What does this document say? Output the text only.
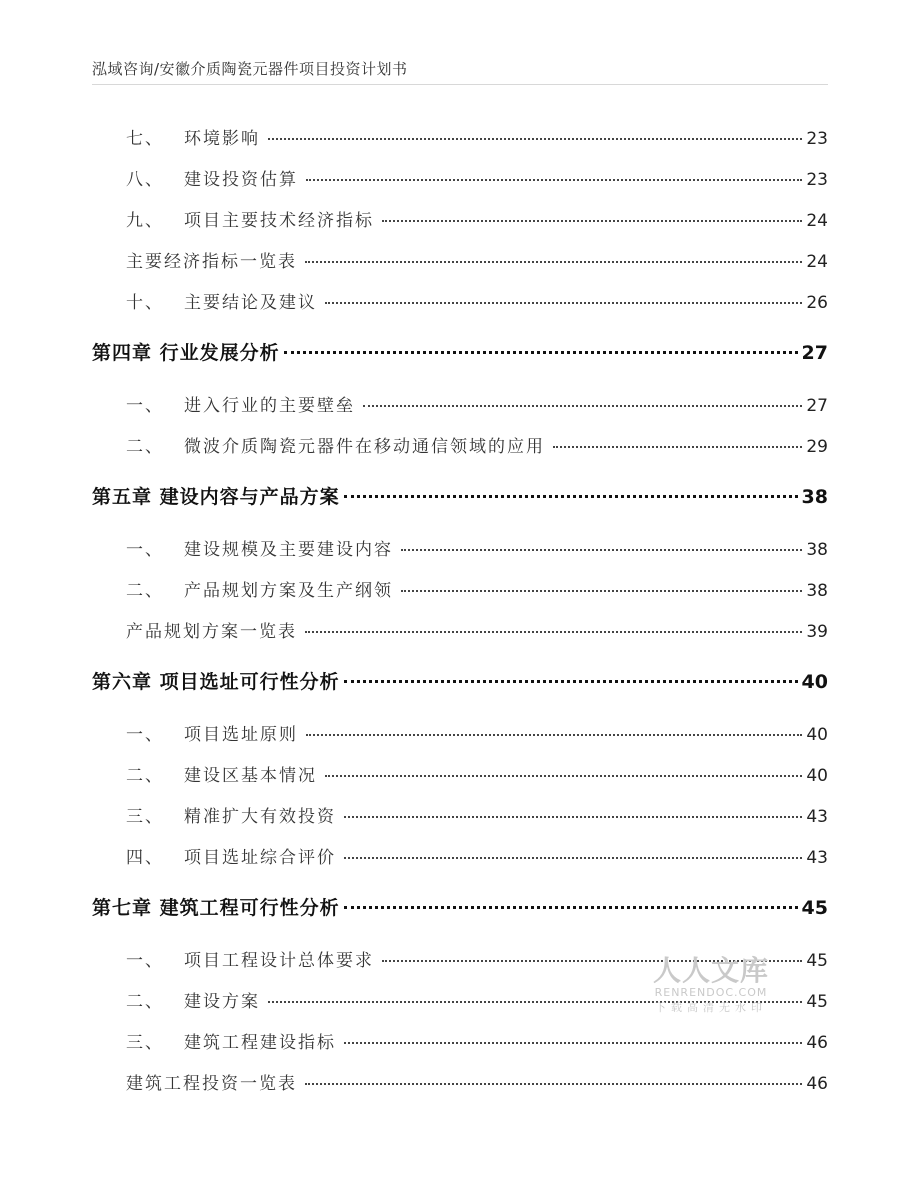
泓域咨询/安徽介质陶瓷元器件项目投资计划书
七、 环境影响	23
八、 建设投资估算	23
九、 项目主要技术经济指标	24
主要经济指标一览表	24
十、 主要结论及建议	26
第四章 行业发展分析	27
一、 进入行业的主要壁垒	27
二、 微波介质陶瓷元器件在移动通信领域的应用	29
第五章 建设内容与产品方案	38
一、 建设规模及主要建设内容	38
二、 产品规划方案及生产纲领	38
产品规划方案一览表	39
第六章 项目选址可行性分析	40
一、 项目选址原则	40
二、 建设区基本情况	40
三、 精准扩大有效投资	43
四、 项目选址综合评价	43
第七章 建筑工程可行性分析	45
一、 项目工程设计总体要求	45
二、 建设方案	45
三、 建筑工程建设指标	46
建筑工程投资一览表	46
人人文库
RENRENDOC.COM
下载高清无水印
